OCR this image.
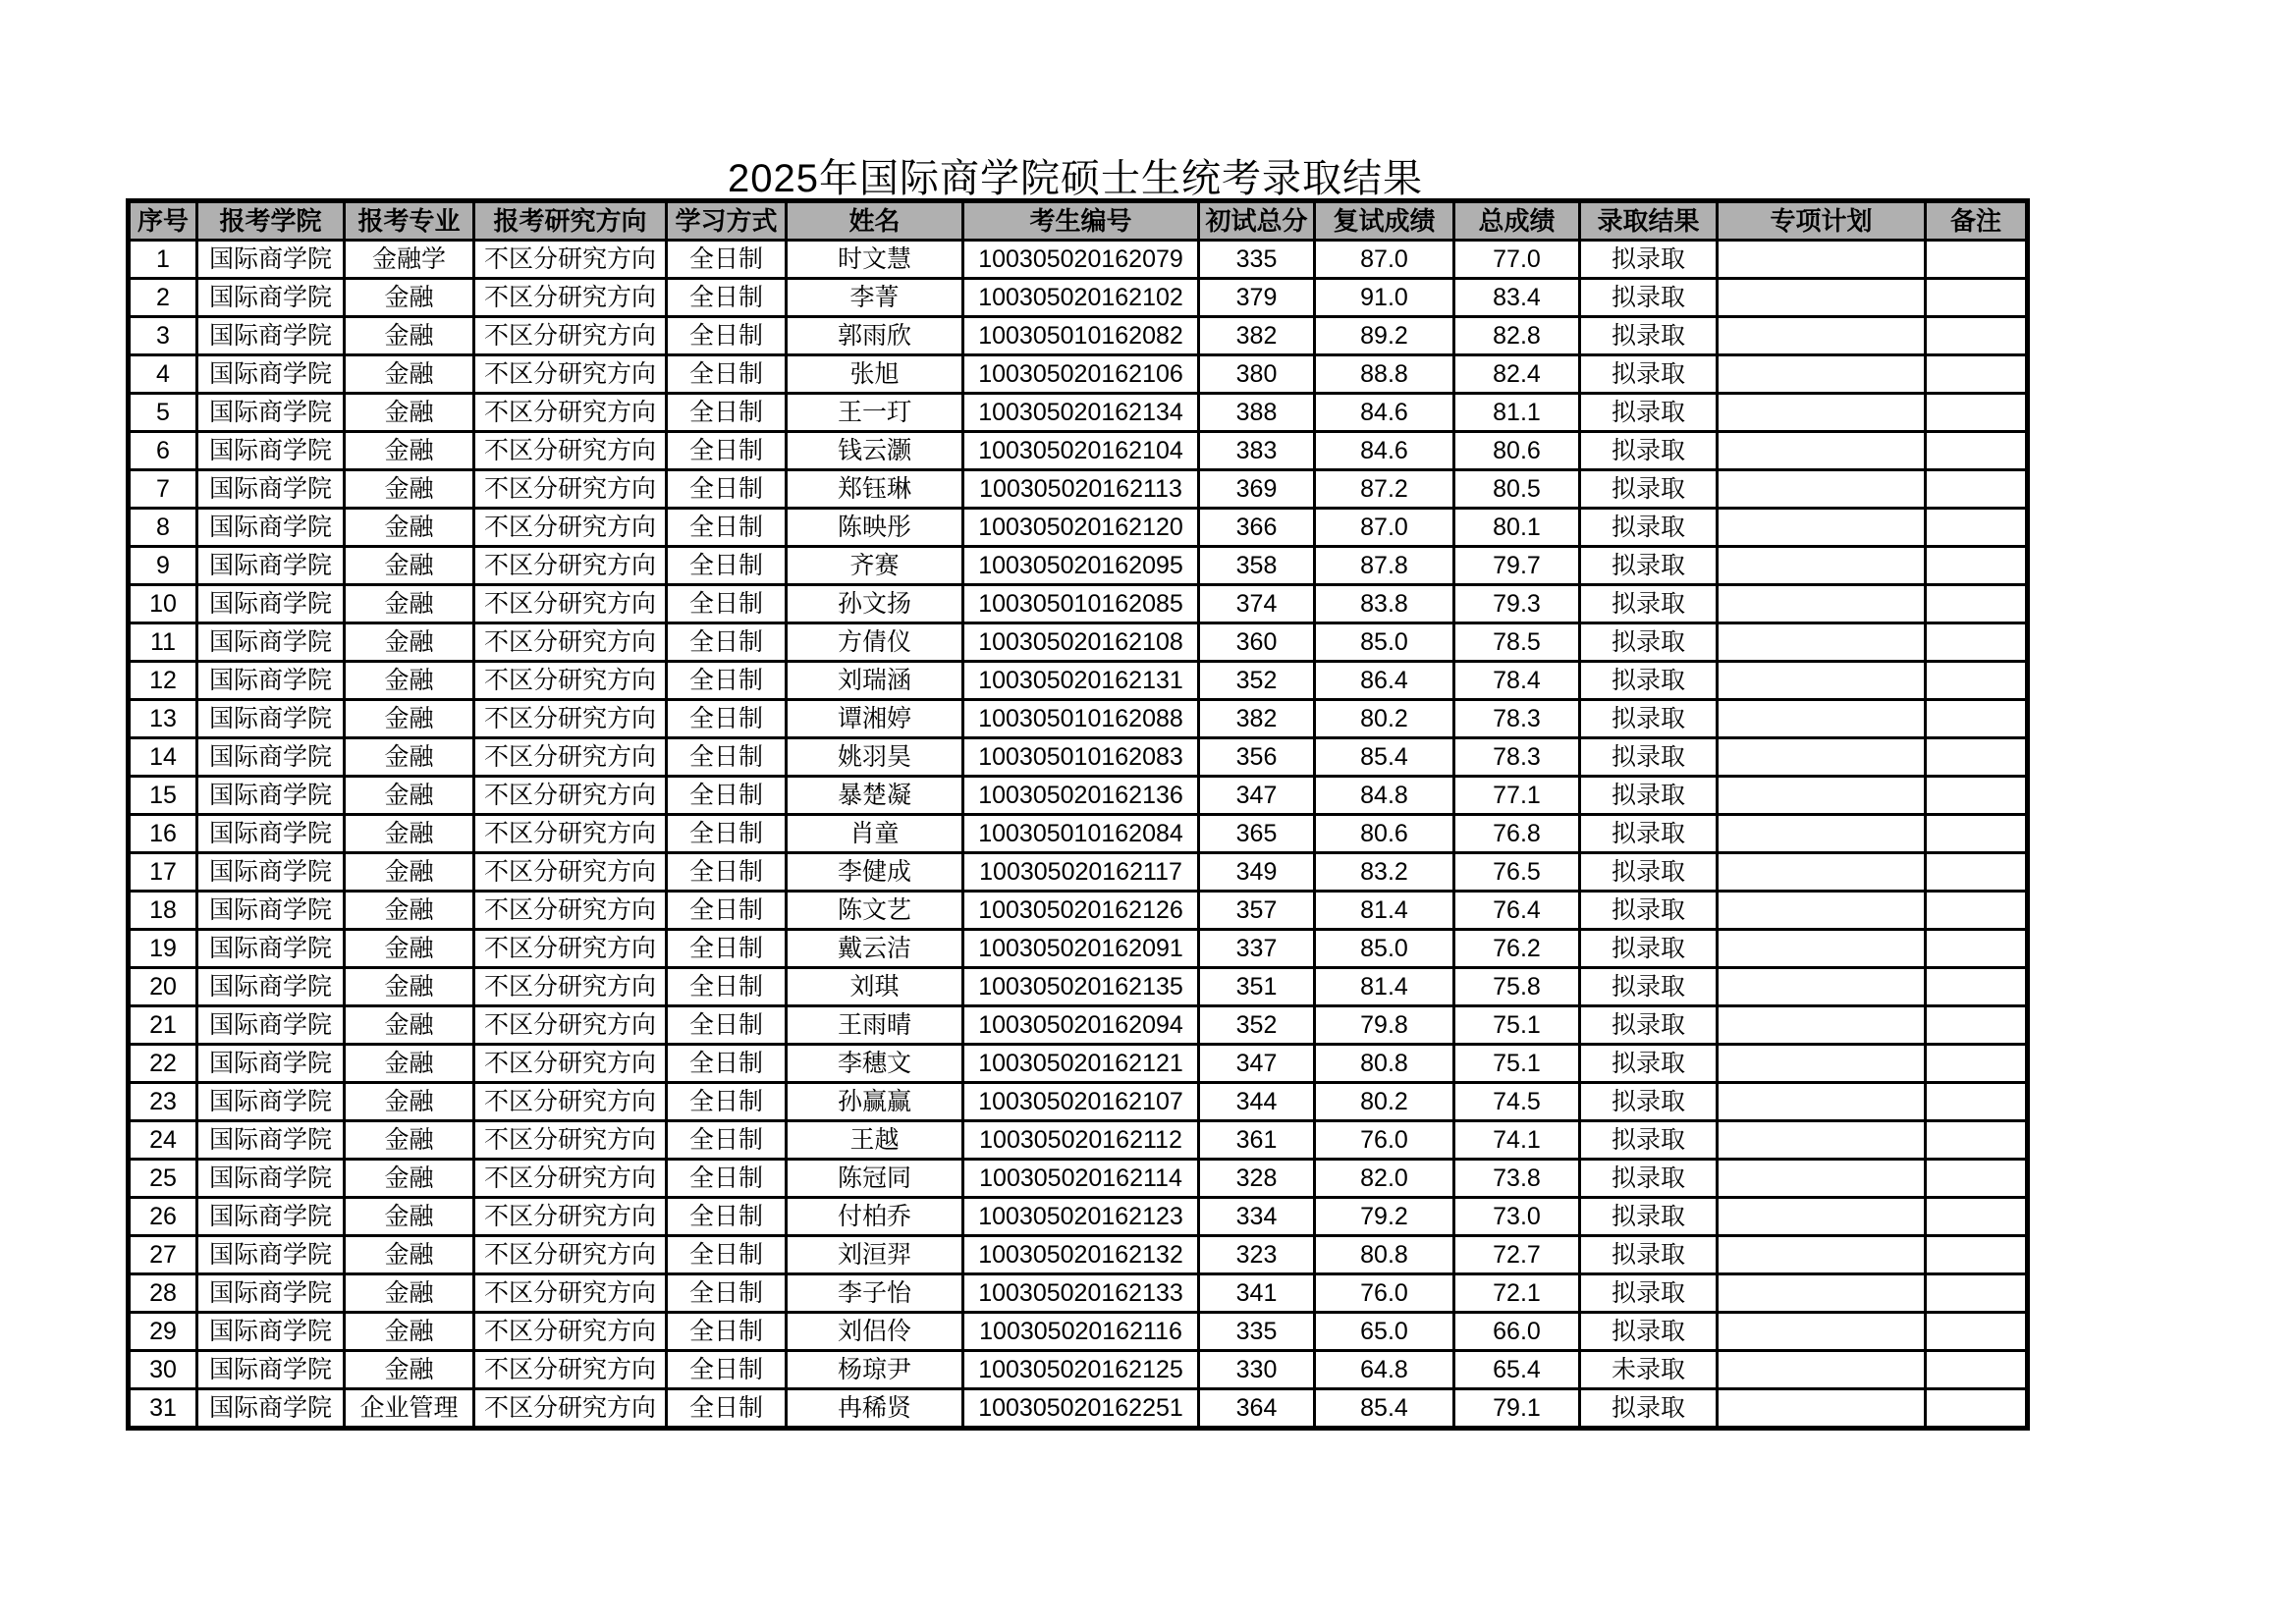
2025年国际商学院硕士生统考录取结果
序号	报考学院	报考专业	报考研究方向	学习方式	姓名	考生编号	初试总分	复试成绩	总成绩	录取结果	专项计划	备注
1	国际商学院	金融学	不区分研究方向	全日制	时文慧	100305020162079	335	87.0	77.0	拟录取		
2	国际商学院	金融	不区分研究方向	全日制	李菁	100305020162102	379	91.0	83.4	拟录取		
3	国际商学院	金融	不区分研究方向	全日制	郭雨欣	100305010162082	382	89.2	82.8	拟录取		
4	国际商学院	金融	不区分研究方向	全日制	张旭	100305020162106	380	88.8	82.4	拟录取		
5	国际商学院	金融	不区分研究方向	全日制	王一玎	100305020162134	388	84.6	81.1	拟录取		
6	国际商学院	金融	不区分研究方向	全日制	钱云灏	100305020162104	383	84.6	80.6	拟录取		
7	国际商学院	金融	不区分研究方向	全日制	郑钰琳	100305020162113	369	87.2	80.5	拟录取		
8	国际商学院	金融	不区分研究方向	全日制	陈映彤	100305020162120	366	87.0	80.1	拟录取		
9	国际商学院	金融	不区分研究方向	全日制	齐赛	100305020162095	358	87.8	79.7	拟录取		
10	国际商学院	金融	不区分研究方向	全日制	孙文扬	100305010162085	374	83.8	79.3	拟录取		
11	国际商学院	金融	不区分研究方向	全日制	方倩仪	100305020162108	360	85.0	78.5	拟录取		
12	国际商学院	金融	不区分研究方向	全日制	刘瑞涵	100305020162131	352	86.4	78.4	拟录取		
13	国际商学院	金融	不区分研究方向	全日制	谭湘婷	100305010162088	382	80.2	78.3	拟录取		
14	国际商学院	金融	不区分研究方向	全日制	姚羽昊	100305010162083	356	85.4	78.3	拟录取		
15	国际商学院	金融	不区分研究方向	全日制	暴楚凝	100305020162136	347	84.8	77.1	拟录取		
16	国际商学院	金融	不区分研究方向	全日制	肖童	100305010162084	365	80.6	76.8	拟录取		
17	国际商学院	金融	不区分研究方向	全日制	李健成	100305020162117	349	83.2	76.5	拟录取		
18	国际商学院	金融	不区分研究方向	全日制	陈文艺	100305020162126	357	81.4	76.4	拟录取		
19	国际商学院	金融	不区分研究方向	全日制	戴云洁	100305020162091	337	85.0	76.2	拟录取		
20	国际商学院	金融	不区分研究方向	全日制	刘琪	100305020162135	351	81.4	75.8	拟录取		
21	国际商学院	金融	不区分研究方向	全日制	王雨晴	100305020162094	352	79.8	75.1	拟录取		
22	国际商学院	金融	不区分研究方向	全日制	李穗文	100305020162121	347	80.8	75.1	拟录取		
23	国际商学院	金融	不区分研究方向	全日制	孙赢赢	100305020162107	344	80.2	74.5	拟录取		
24	国际商学院	金融	不区分研究方向	全日制	王越	100305020162112	361	76.0	74.1	拟录取		
25	国际商学院	金融	不区分研究方向	全日制	陈冠同	100305020162114	328	82.0	73.8	拟录取		
26	国际商学院	金融	不区分研究方向	全日制	付柏乔	100305020162123	334	79.2	73.0	拟录取		
27	国际商学院	金融	不区分研究方向	全日制	刘洹羿	100305020162132	323	80.8	72.7	拟录取		
28	国际商学院	金融	不区分研究方向	全日制	李子怡	100305020162133	341	76.0	72.1	拟录取		
29	国际商学院	金融	不区分研究方向	全日制	刘侣伶	100305020162116	335	65.0	66.0	拟录取		
30	国际商学院	金融	不区分研究方向	全日制	杨琼尹	100305020162125	330	64.8	65.4	未录取		
31	国际商学院	企业管理	不区分研究方向	全日制	冉稀贤	100305020162251	364	85.4	79.1	拟录取		
